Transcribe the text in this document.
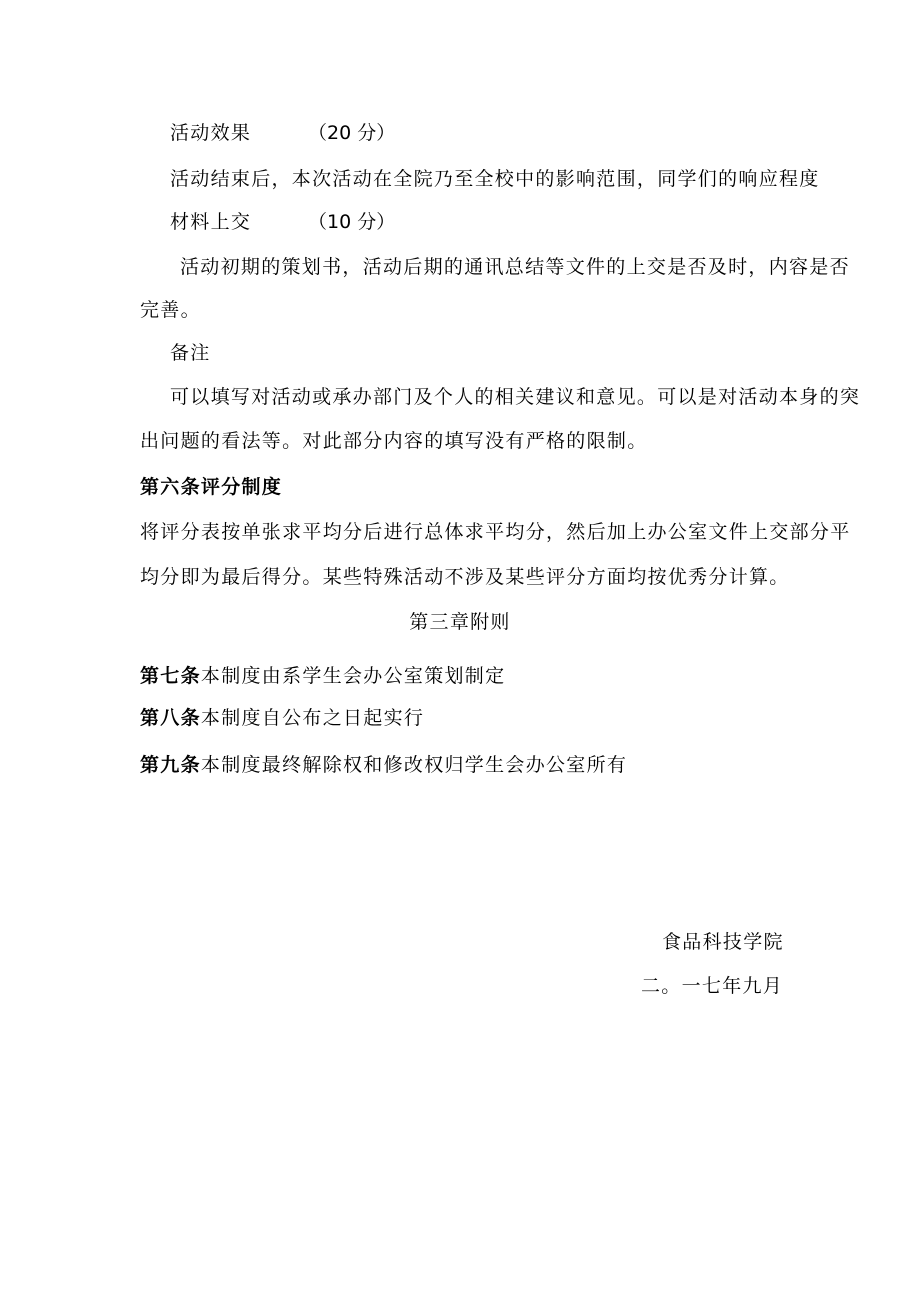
活动效果	（20 分）
活动结束后，本次活动在全院乃至全校中的影响范围，同学们的响应程度
材料上交	（10 分）
活动初期的策划书，活动后期的通讯总结等文件的上交是否及时，内容是否
完善。
备注
可以填写对活动或承办部门及个人的相关建议和意见。可以是对活动本身的突
出问题的看法等。对此部分内容的填写没有严格的限制。
第六条评分制度
将评分表按单张求平均分后进行总体求平均分，然后加上办公室文件上交部分平
均分即为最后得分。某些特殊活动不涉及某些评分方面均按优秀分计算。
第三章附则
第七条本制度由系学生会办公室策划制定
第八条本制度自公布之日起实行
第九条本制度最终解除权和修改权归学生会办公室所有
食品科技学院
二。一七年九月
